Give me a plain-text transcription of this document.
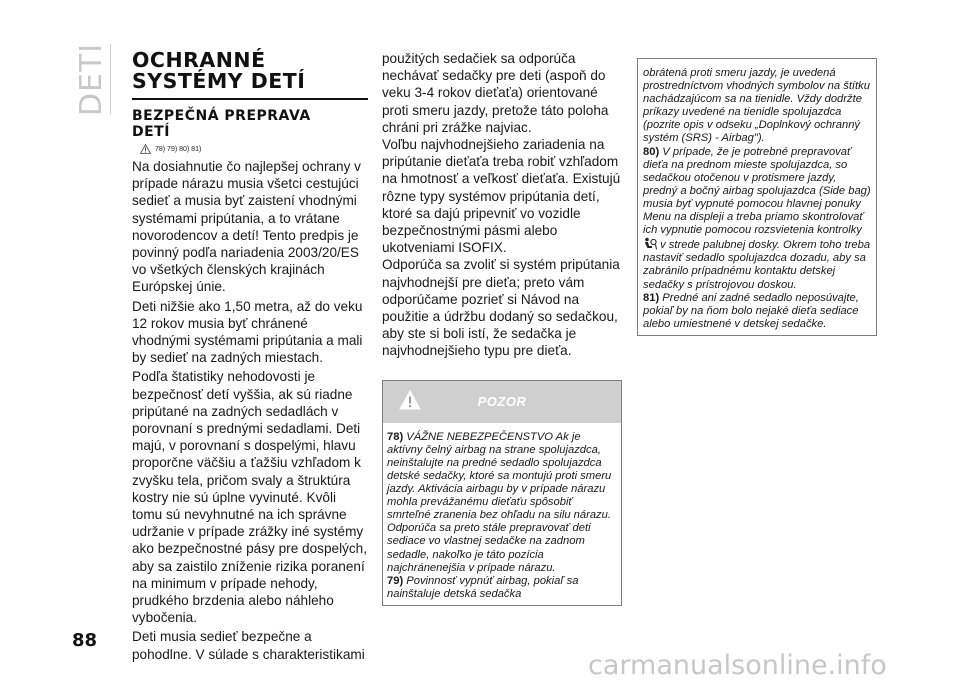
DETI OCHRANNÉ
SYSTÉMY DETÍ
BEZPEČNÁ PREPRAVA
DETÍ
78) 79) 80) 81)

Na dosiahnutie čo najlepšej ochrany v prípade nárazu musia všetci cestujúci sedieť a musia byť zaistení vhodnými systémami pripútania, a to vrátane novorodencov a detí! Tento predpis je povinný podľa nariadenia 2003/20/ES vo všetkých členských krajinách Európskej únie.

Deti nižšie ako 1,50 metra, až do veku 12 rokov musia byť chránené vhodnými systémami pripútania a mali by sedieť na zadných miestach.

Podľa štatistiky nehodovosti je bezpečnosť detí vyššia, ak sú riadne pripútané na zadných sedadlách v porovnaní s prednými sedadlami. Deti majú, v porovnaní s dospelými, hlavu proporčne väčšiu a ťažšiu vzhľadom k zvyšku tela, pričom svaly a štruktúra kostry nie sú úplne vyvinuté. Kvôli tomu sú nevyhnutné na ich správne udržanie v prípade zrážky iné systémy ako bezpečnostné pásy pre dospelých, aby sa zaistilo zníženie rizika poranení na minimum v prípade nehody, prudkého brzdenia alebo náhleho vybočenia.

Deti musia sedieť bezpečne a pohodlne. V súlade s charakteristikami

použitých sedačiek sa odporúča nechávať sedačky pre deti (aspoň do veku 3-4 rokov dieťaťa) orientované proti smeru jazdy, pretože táto poloha chráni pri zrážke najviac.

Voľbu najvhodnejšieho zariadenia na pripútanie dieťaťa treba robiť vzhľadom na hmotnosť a veľkosť dieťaťa. Existujú rôzne typy systémov pripútania detí, ktoré sa dajú pripevniť vo vozidle bezpečnostnými pásmi alebo ukotveniami ISOFIX.

Odporúča sa zvoliť si systém pripútania najvhodnejší pre dieťa; preto vám odporúčame pozrieť si Návod na použitie a údržbu dodaný so sedačkou, aby ste si boli istí, že sedačka je najvhodnejšieho typu pre dieťa.

POZOR

78) VÁŽNE NEBEZPEČENSTVO Ak je aktívny čelný airbag na strane spolujazdca, neinštalujte na predné sedadlo spolujazdca detské sedačky, ktoré sa montujú proti smeru jazdy. Aktivácia airbagu by v prípade nárazu mohla prevážanému dieťaťu spôsobiť smrteľné zranenia bez ohľadu na silu nárazu. Odporúča sa preto stále prepravovať deti sediace vo vlastnej sedačke na zadnom sedadle, nakoľko je táto pozícia najchránenejšia v prípade nárazu.

79) Povinnosť vypnúť airbag, pokiaľ sa nainštaluje detská sedačka

obrátená proti smeru jazdy, je uvedená prostredníctvom vhodných symbolov na štítku nachádzajúcom sa na tienidle. Vždy dodržte príkazy uvedené na tienidle spolujazdca (pozrite opis v odseku „Doplnkový ochranný systém (SRS) - Airbag").

80) V prípade, že je potrebné prepravovať dieťa na prednom mieste spolujazdca, so sedačkou otočenou v protismere jazdy, predný a bočný airbag spolujazdca (Side bag) musia byť vypnuté pomocou hlavnej ponuky Menu na displeji a treba priamo skontrolovať ich vypnutie pomocou rozsvietenia kontrolky  v strede palubnej dosky. Okrem toho treba nastaviť sedadlo spolujazdca dozadu, aby sa zabránilo prípadnému kontaktu detskej sedačky s prístrojovou doskou.

81) Predné ani zadné sedadlo neposúvajte, pokiaľ by na ňom bolo nejaké dieťa sediace alebo umiestnené v detskej sedačke.

88
carmanualsonline.info
